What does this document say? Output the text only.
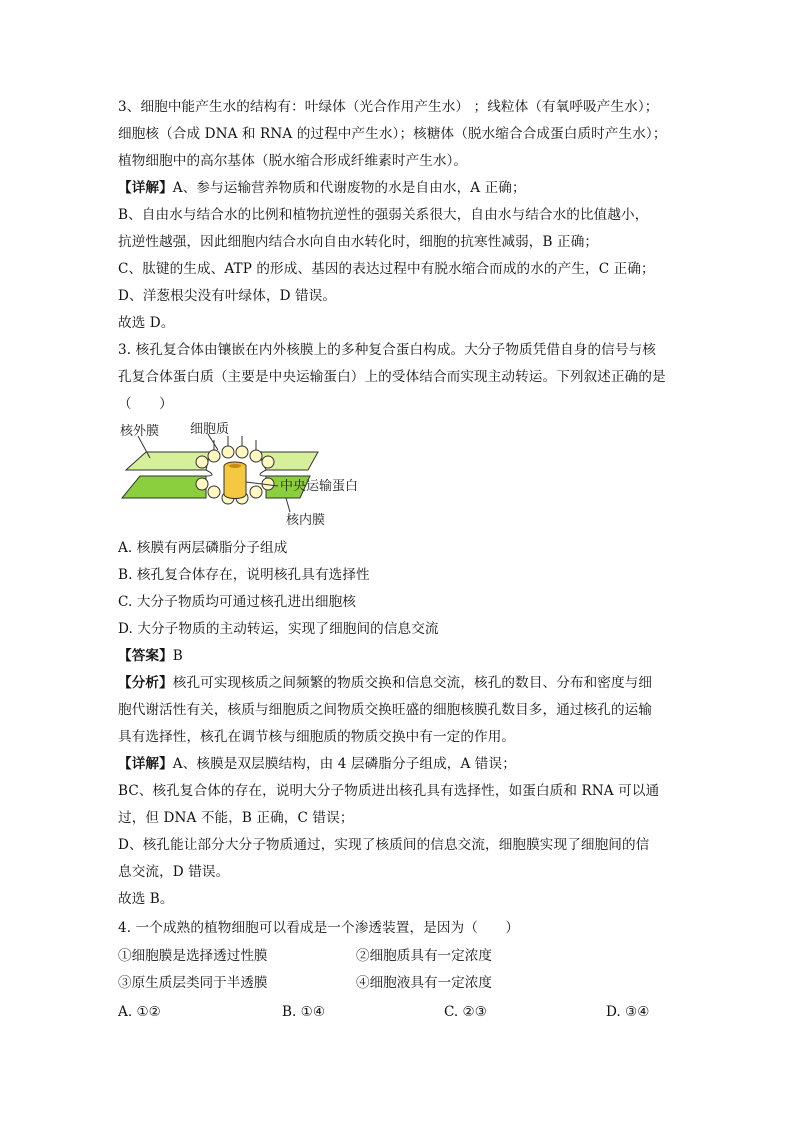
3、细胞中能产生水的结构有：叶绿体（光合作用产生水） ；线粒体（有氧呼吸产生水）；
细胞核（合成 DNA 和 RNA 的过程中产生水）；核糖体（脱水缩合合成蛋白质时产生水）；
植物细胞中的高尔基体（脱水缩合形成纤维素时产生水）。
【详解】A、参与运输营养物质和代谢废物的水是自由水，A 正确；
B、自由水与结合水的比例和植物抗逆性的强弱关系很大，自由水与结合水的比值越小，
抗逆性越强，因此细胞内结合水向自由水转化时，细胞的抗寒性减弱，B 正确；
C、肽键的生成、ATP 的形成、基因的表达过程中有脱水缩合而成的水的产生，C 正确；
D、洋葱根尖没有叶绿体，D 错误。
故选 D。
3. 核孔复合体由镶嵌在内外核膜上的多种复合蛋白构成。大分子物质凭借自身的信号与核
孔复合体蛋白质（主要是中央运输蛋白）上的受体结合而实现主动转运。下列叙述正确的是
（　　）
核外膜 细胞质
中央运输蛋白
核内膜
A. 核膜有两层磷脂分子组成
B. 核孔复合体存在，说明核孔具有选择性
C. 大分子物质均可通过核孔进出细胞核
D. 大分子物质的主动转运，实现了细胞间的信息交流
【答案】B
【分析】核孔可实现核质之间频繁的物质交换和信息交流，核孔的数目、分布和密度与细
胞代谢活性有关，核质与细胞质之间物质交换旺盛的细胞核膜孔数目多，通过核孔的运输
具有选择性，核孔在调节核与细胞质的物质交换中有一定的作用。
【详解】A、核膜是双层膜结构，由 4 层磷脂分子组成，A 错误；
BC、核孔复合体的存在，说明大分子物质进出核孔具有选择性，如蛋白质和 RNA 可以通
过，但 DNA 不能，B 正确，C 错误；
D、核孔能让部分大分子物质通过，实现了核质间的信息交流，细胞膜实现了细胞间的信
息交流，D 错误。
故选 B。
4. 一个成熟的植物细胞可以看成是一个渗透装置，是因为（　　）
①细胞膜是选择透过性膜	②细胞质具有一定浓度
③原生质层类同于半透膜	④细胞液具有一定浓度
A. ①②	B. ①④	C. ②③	D. ③④
